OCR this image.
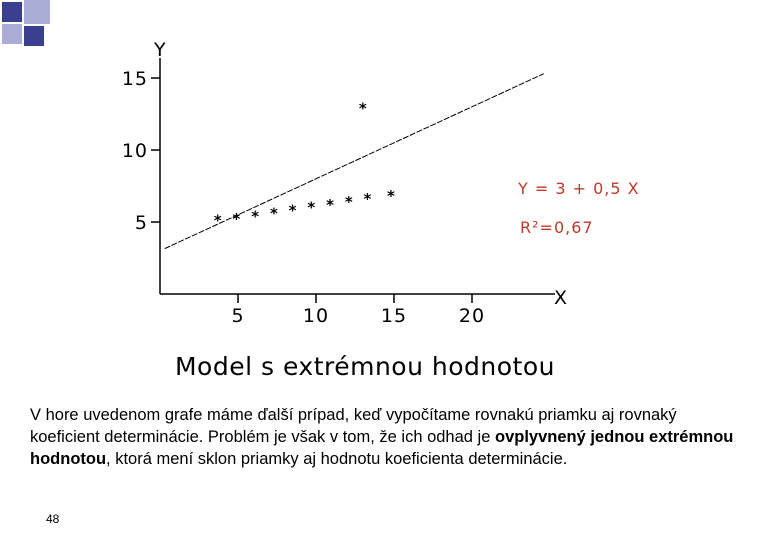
Y
X
5	10	15	20
5
10
15
* * * * * * * * * *
*
Y = 3 + 0,5 X
R²=0,67
Model s extrémnou hodnotou
V hore uvedenom grafe máme ďalší prípad, keď vypočítame rovnakú priamku aj rovnaký koeficient determinácie. Problém je však v tom, že ich odhad je ovplyvnený jednou extrémnou hodnotou, ktorá mení sklon priamky aj hodnotu koeficienta determinácie.
48
